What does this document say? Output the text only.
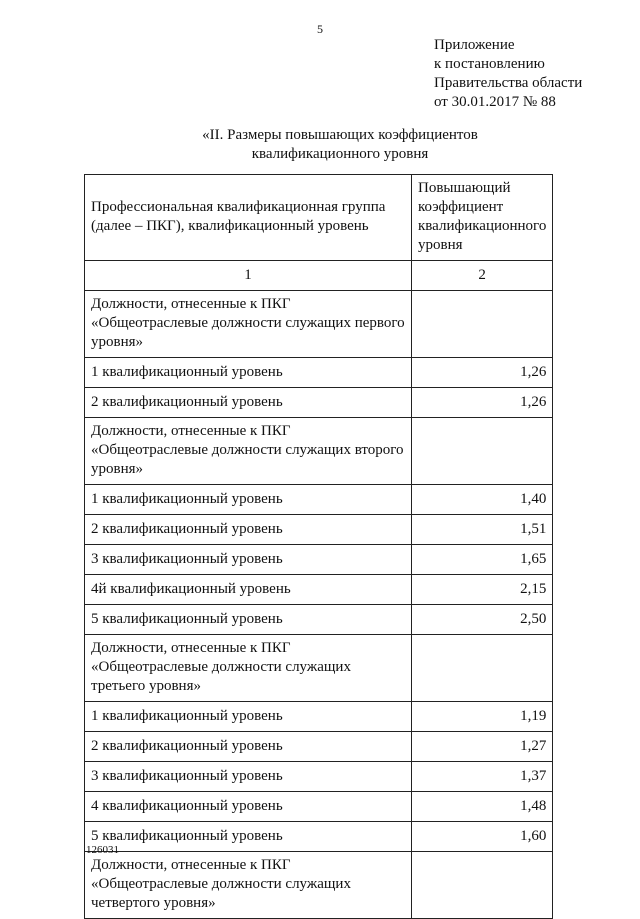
5
Приложение
к постановлению
Правительства области
от 30.01.2017 № 88
«II. Размеры повышающих коэффициентов
квалификационного уровня
Профессиональная квалификационная группа (далее – ПКГ), квалификационный уровень	Повышающий коэффициент квалификационного уровня
1	2
Должности, отнесенные к ПКГ «Общеотраслевые должности служащих первого уровня»	
1 квалификационный уровень	1,26
2 квалификационный уровень	1,26
Должности, отнесенные к ПКГ «Общеотраслевые должности служащих второго уровня»	
1 квалификационный уровень	1,40
2 квалификационный уровень	1,51
3 квалификационный уровень	1,65
4й квалификационный уровень	2,15
5 квалификационный уровень	2,50
Должности, отнесенные к ПКГ «Общеотраслевые должности служащих третьего уровня»	
1 квалификационный уровень	1,19
2 квалификационный уровень	1,27
3 квалификационный уровень	1,37
4 квалификационный уровень	1,48
5 квалификационный уровень	1,60
Должности, отнесенные к ПКГ «Общеотраслевые должности служащих четвертого уровня»	
126031
